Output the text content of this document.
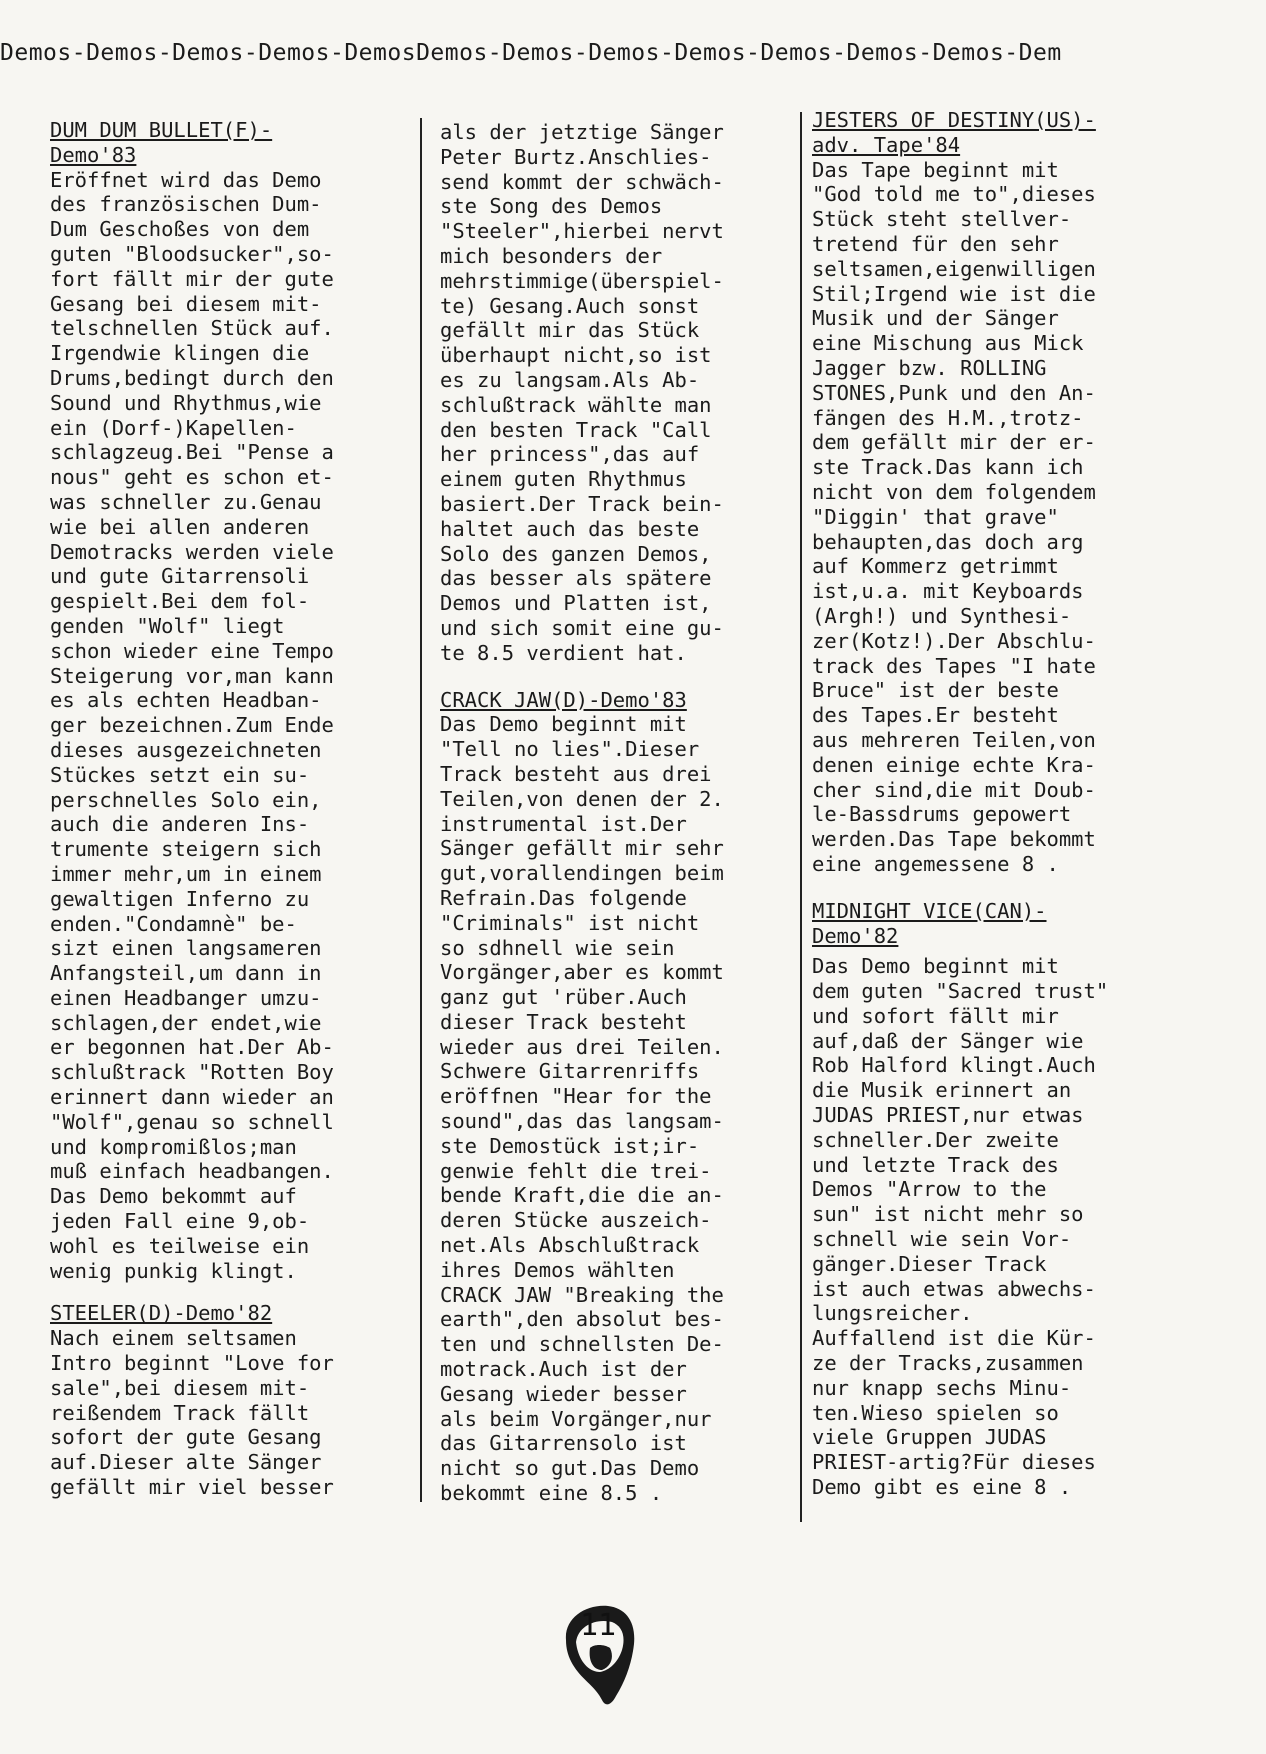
Demos-Demos-Demos-Demos-DemosDemos-Demos-Demos-Demos-Demos-Demos-Demos-Dem
DUM DUM BULLET(F)-
Demo'83
Eröffnet wird das Demo
des französischen Dum-
Dum Geschoßes von dem
guten "Bloodsucker",so-
fort fällt mir der gute
Gesang bei diesem mit-
telschnellen Stück auf.
Irgendwie klingen die
Drums,bedingt durch den
Sound und Rhythmus,wie
ein (Dorf-)Kapellen-
schlagzeug.Bei "Pense a
nous" geht es schon et-
was schneller zu.Genau
wie bei allen anderen
Demotracks werden viele
und gute Gitarrensoli
gespielt.Bei dem fol-
genden "Wolf" liegt
schon wieder eine Tempo
Steigerung vor,man kann
es als echten Headban-
ger bezeichnen.Zum Ende
dieses ausgezeichneten
Stückes setzt ein su-
perschnelles Solo ein,
auch die anderen Ins-
trumente steigern sich
immer mehr,um in einem
gewaltigen Inferno zu
enden."Condamnè" be-
sizt einen langsameren
Anfangsteil,um dann in
einen Headbanger umzu-
schlagen,der endet,wie
er begonnen hat.Der Ab-
schlußtrack "Rotten Boy
erinnert dann wieder an
"Wolf",genau so schnell
und kompromißlos;man
muß einfach headbangen.
Das Demo bekommt auf
jeden Fall eine 9,ob-
wohl es teilweise ein
wenig punkig klingt.
STEELER(D)-Demo'82
Nach einem seltsamen
Intro beginnt "Love for
sale",bei diesem mit-
reißendem Track fällt
sofort der gute Gesang
auf.Dieser alte Sänger
gefällt mir viel besser
als der jetztige Sänger
Peter Burtz.Anschlies-
send kommt der schwäch-
ste Song des Demos
"Steeler",hierbei nervt
mich besonders der
mehrstimmige(überspiel-
te) Gesang.Auch sonst
gefällt mir das Stück
überhaupt nicht,so ist
es zu langsam.Als Ab-
schlußtrack wählte man
den besten Track "Call
her princess",das auf
einem guten Rhythmus
basiert.Der Track bein-
haltet auch das beste
Solo des ganzen Demos,
das besser als spätere
Demos und Platten ist,
und sich somit eine gu-
te 8.5 verdient hat.
CRACK JAW(D)-Demo'83
Das Demo beginnt mit
"Tell no lies".Dieser
Track besteht aus drei
Teilen,von denen der 2.
instrumental ist.Der
Sänger gefällt mir sehr
gut,vorallendingen beim
Refrain.Das folgende
"Criminals" ist nicht
so sdhnell wie sein
Vorgänger,aber es kommt
ganz gut 'rüber.Auch
dieser Track besteht
wieder aus drei Teilen.
Schwere Gitarrenriffs
eröffnen "Hear for the
sound",das das langsam-
ste Demostück ist;ir-
genwie fehlt die trei-
bende Kraft,die die an-
deren Stücke auszeich-
net.Als Abschlußtrack
ihres Demos wählten
CRACK JAW "Breaking the
earth",den absolut bes-
ten und schnellsten De-
motrack.Auch ist der
Gesang wieder besser
als beim Vorgänger,nur
das Gitarrensolo ist
nicht so gut.Das Demo
bekommt eine 8.5 .
JESTERS OF DESTINY(US)-
adv. Tape'84
Das Tape beginnt mit
"God told me to",dieses
Stück steht stellver-
tretend für den sehr
seltsamen,eigenwilligen
Stil;Irgend wie ist die
Musik und der Sänger
eine Mischung aus Mick
Jagger bzw. ROLLING
STONES,Punk und den An-
fängen des H.M.,trotz-
dem gefällt mir der er-
ste Track.Das kann ich
nicht von dem folgendem
"Diggin' that grave"
behaupten,das doch arg
auf Kommerz getrimmt
ist,u.a. mit Keyboards
(Argh!) und Synthesi-
zer(Kotz!).Der Abschlu-
track des Tapes "I hate
Bruce" ist der beste
des Tapes.Er besteht
aus mehreren Teilen,von
denen einige echte Kra-
cher sind,die mit Doub-
le-Bassdrums gepowert
werden.Das Tape bekommt
eine angemessene 8 .
MIDNIGHT VICE(CAN)-
Demo'82
Das Demo beginnt mit
dem guten "Sacred trust"
und sofort fällt mir
auf,daß der Sänger wie
Rob Halford klingt.Auch
die Musik erinnert an
JUDAS PRIEST,nur etwas
schneller.Der zweite
und letzte Track des
Demos "Arrow to the
sun" ist nicht mehr so
schnell wie sein Vor-
gänger.Dieser Track
ist auch etwas abwechs-
lungsreicher.
Auffallend ist die Kür-
ze der Tracks,zusammen
nur knapp sechs Minu-
ten.Wieso spielen so
viele Gruppen JUDAS
PRIEST-artig?Für dieses
Demo gibt es eine 8 .
11
